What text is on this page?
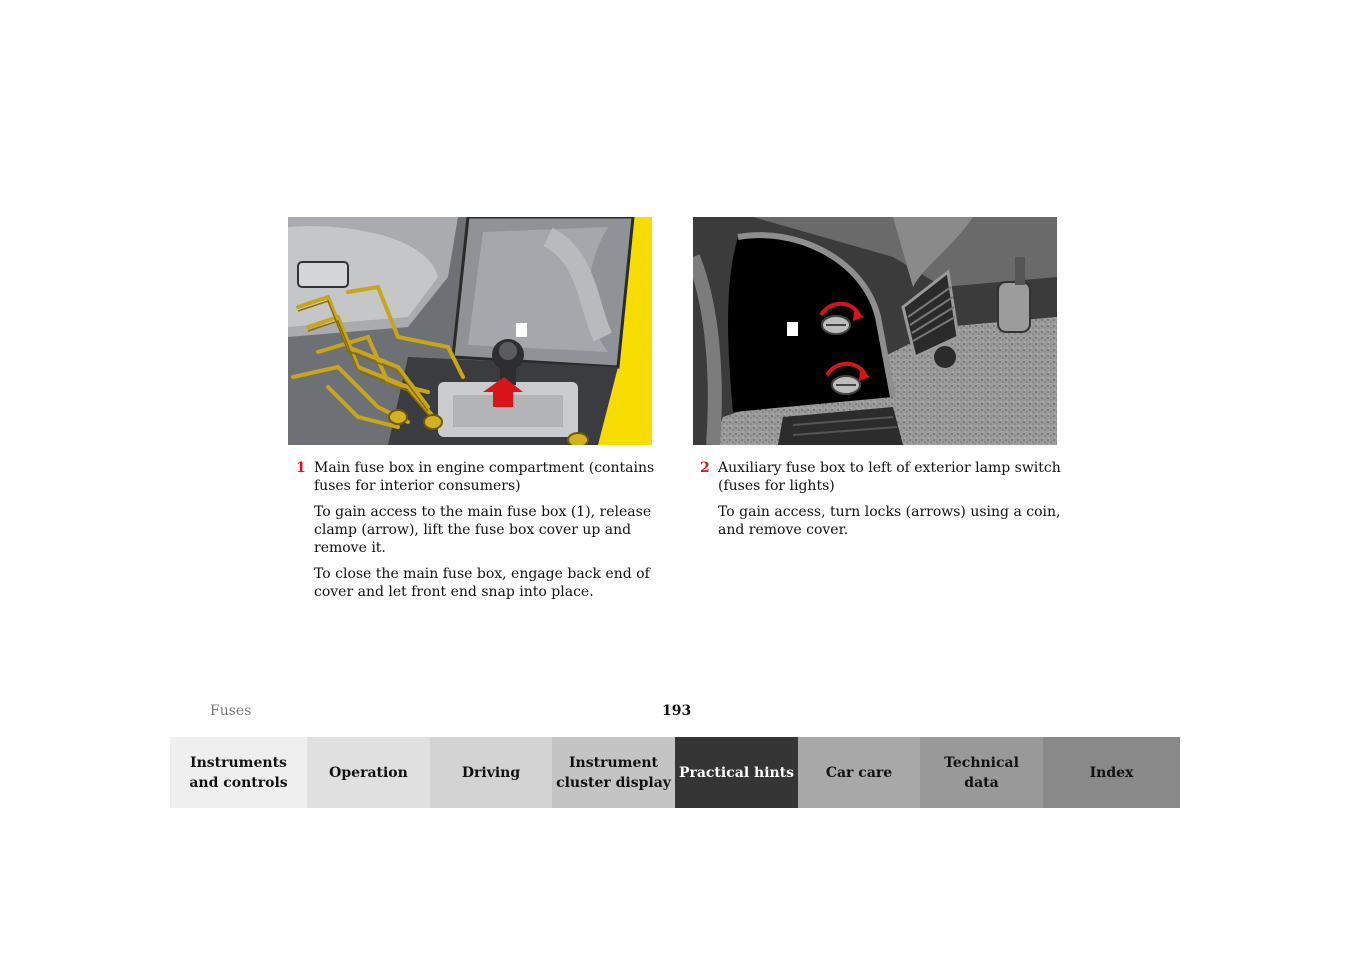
1 Main fuse box in engine compartment (contains fuses for interior consumers)

To gain access to the main fuse box (1), release clamp (arrow), lift the fuse box cover up and remove it.

To close the main fuse box, engage back end of cover and let front end snap into place.

2 Auxiliary fuse box to left of exterior lamp switch (fuses for lights)

To gain access, turn locks (arrows) using a coin, and remove cover.

Fuses	193
Instruments
and controls
Operation	Driving
Instrument
cluster display
Practical hints Car care
Technical
data
Index
